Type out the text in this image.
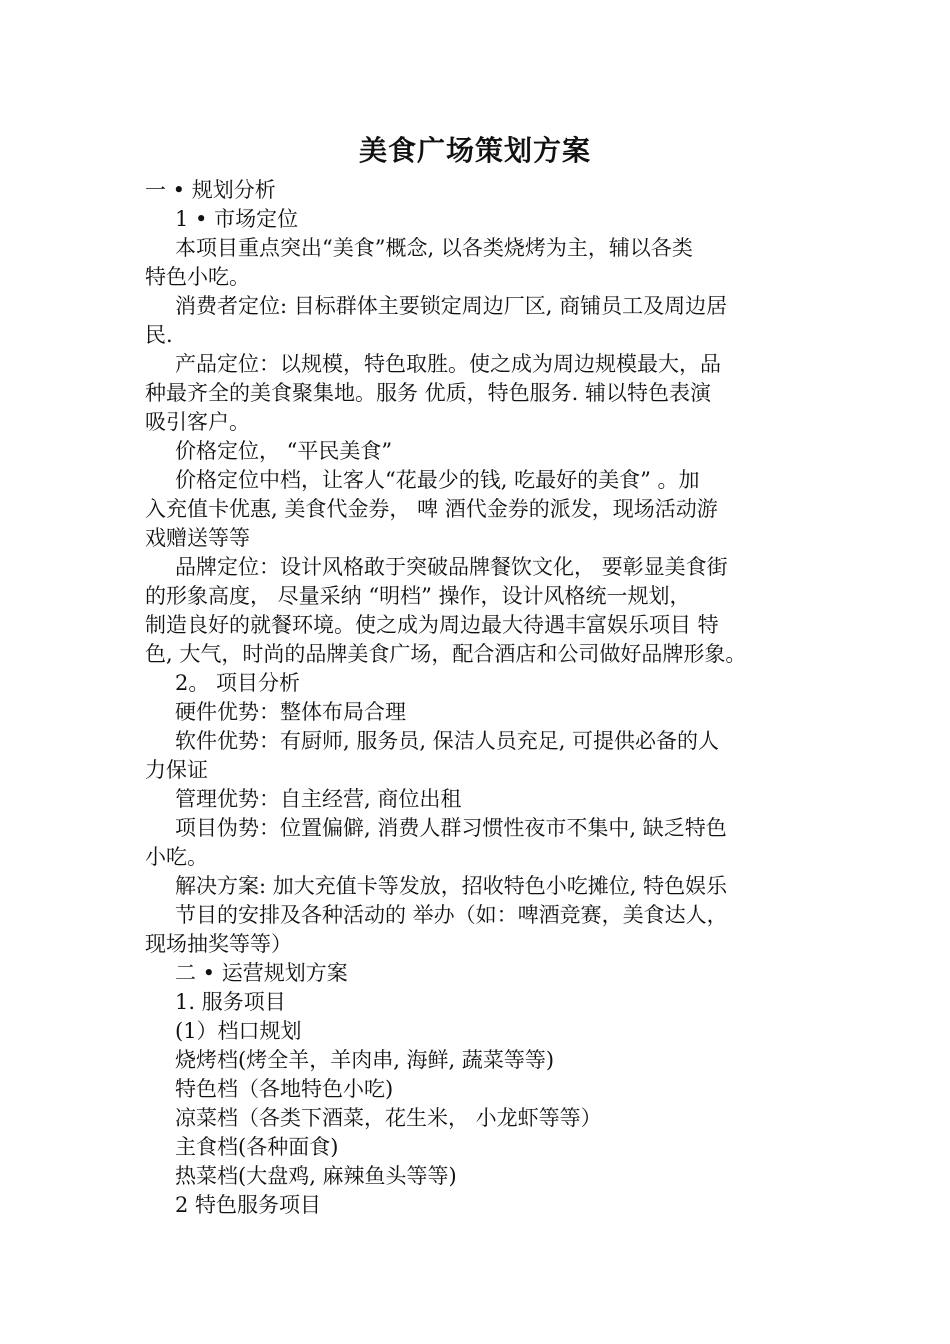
美食广场策划方案

一 • 规划分析

1 • 市场定位

本项目重点突出“美食”概念, 以各类烧烤为主，辅以各类

特色小吃。

消费者定位: 目标群体主要锁定周边厂区, 商铺员工及周边居

民.

产品定位：以规模，特色取胜。使之成为周边规模最大，品

种最齐全的美食聚集地。服务 优质，特色服务. 辅以特色表演

吸引客户。

价格定位， “平民美食”

价格定位中档，让客人“花最少的钱, 吃最好的美食” 。加

入充值卡优惠, 美食代金券， 啤 酒代金券的派发，现场活动游

戏赠送等等

品牌定位：设计风格敢于突破品牌餐饮文化， 要彰显美食街

的形象高度， 尽量采纳 “明档” 操作，设计风格统一规划，

制造良好的就餐环境。使之成为周边最大待遇丰富娱乐项目 特

色, 大气，时尚的品牌美食广场，配合酒店和公司做好品牌形象。

2。 项目分析

硬件优势：整体布局合理

软件优势：有厨师, 服务员, 保洁人员充足, 可提供必备的人

力保证

管理优势：自主经营, 商位出租

项目伪势：位置偏僻, 消费人群习惯性夜市不集中, 缺乏特色

小吃。

解决方案: 加大充值卡等发放，招收特色小吃摊位, 特色娱乐

节目的安排及各种活动的 举办（如：啤酒竞赛，美食达人，

现场抽奖等等）

二 • 运营规划方案

1. 服务项目

(1）档口规划

烧烤档(烤全羊，羊肉串, 海鲜, 蔬菜等等)

特色档（各地特色小吃)

凉菜档（各类下酒菜，花生米， 小龙虾等等）

主食档(各种面食)

热菜档(大盘鸡, 麻辣鱼头等等)

2 特色服务项目
